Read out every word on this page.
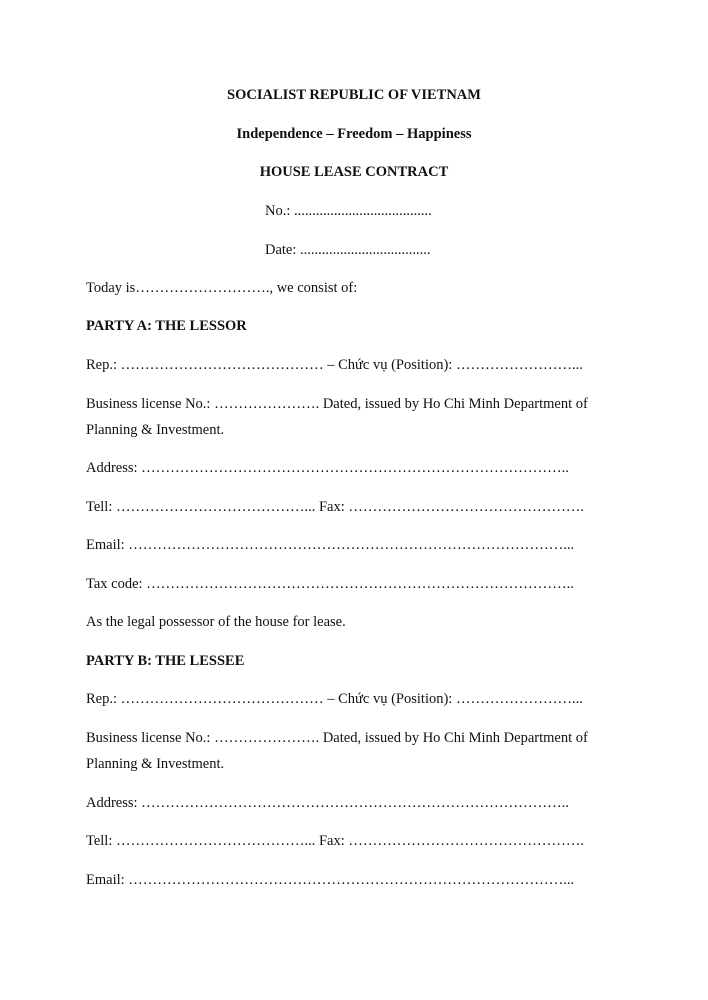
SOCIALIST REPUBLIC OF VIETNAM
Independence – Freedom – Happiness
HOUSE LEASE CONTRACT
No.: ......................................
Date: ....................................
Today is………………………., we consist of:
PARTY A: THE LESSOR
Rep.: …………………………………… – Chức vụ (Position): ……………………...
Business license No.: …………………. Dated, issued by Ho Chi Minh Department of
Planning & Investment.
Address: ……………………………………………………………………………..
Tell: …………………………………... Fax: ………………………………………….
Email: ………………………………………………………………………………...
Tax code: ……………………………………………………………………………..
As the legal possessor of the house for lease.
PARTY B: THE LESSEE
Rep.: …………………………………… – Chức vụ (Position): ……………………...
Business license No.: …………………. Dated, issued by Ho Chi Minh Department of
Planning & Investment.
Address: ……………………………………………………………………………..
Tell: …………………………………... Fax: ………………………………………….
Email: ………………………………………………………………………………...
